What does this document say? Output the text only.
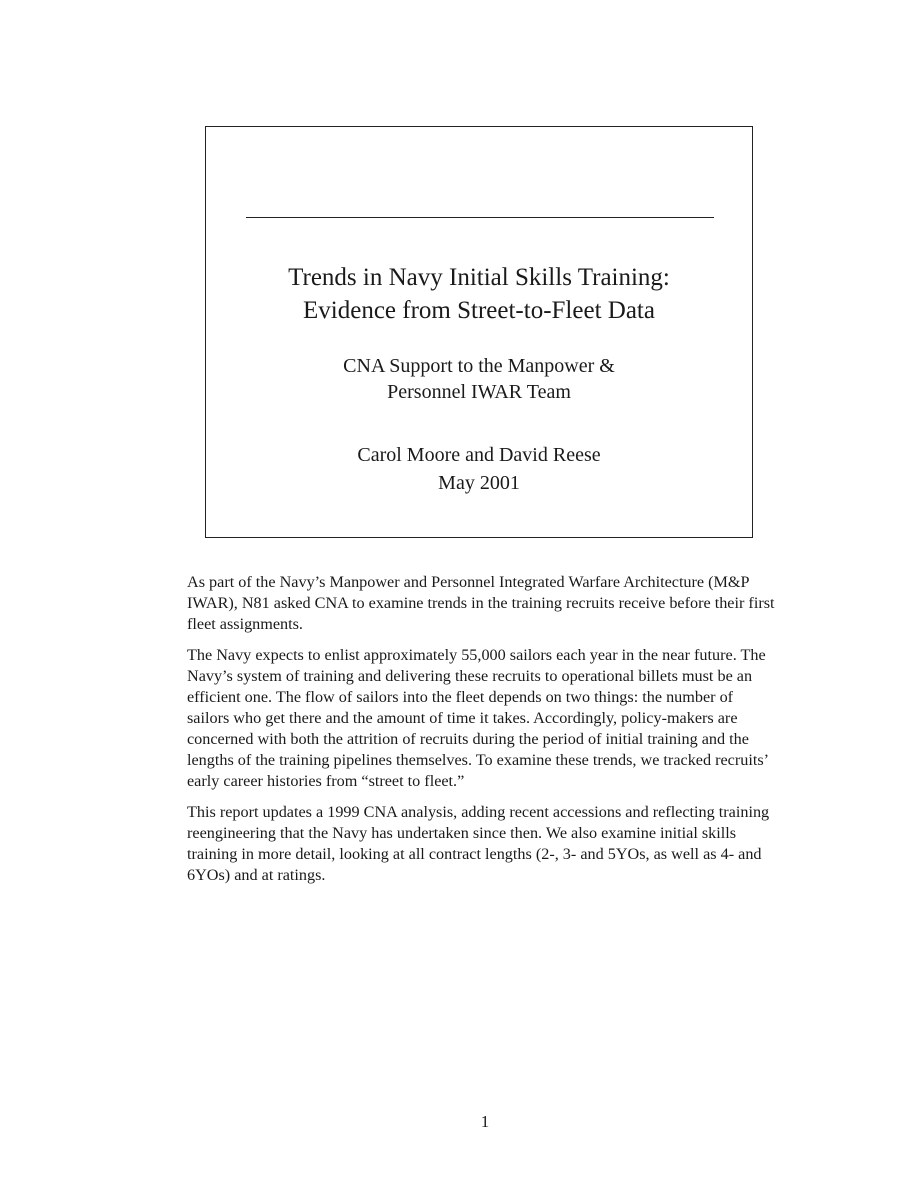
Trends in Navy Initial Skills Training:
Evidence from Street-to-Fleet Data
CNA Support to the Manpower &
Personnel IWAR Team
Carol Moore and David Reese
May 2001

As part of the Navy’s Manpower and Personnel Integrated Warfare Architecture (M&P IWAR), N81 asked CNA to examine trends in the training recruits receive before their first fleet assignments.

The Navy expects to enlist approximately 55,000 sailors each year in the near future. The Navy’s system of training and delivering these recruits to operational billets must be an efficient one. The flow of sailors into the fleet depends on two things: the number of sailors who get there and the amount of time it takes. Accordingly, policy-makers are concerned with both the attrition of recruits during the period of initial training and the lengths of the training pipelines themselves. To examine these trends, we tracked recruits’ early career histories from “street to fleet.”

This report updates a 1999 CNA analysis, adding recent accessions and reflecting training reengineering that the Navy has undertaken since then. We also examine initial skills training in more detail, looking at all contract lengths (2-, 3- and 5YOs, as well as 4- and 6YOs) and at ratings.

1
